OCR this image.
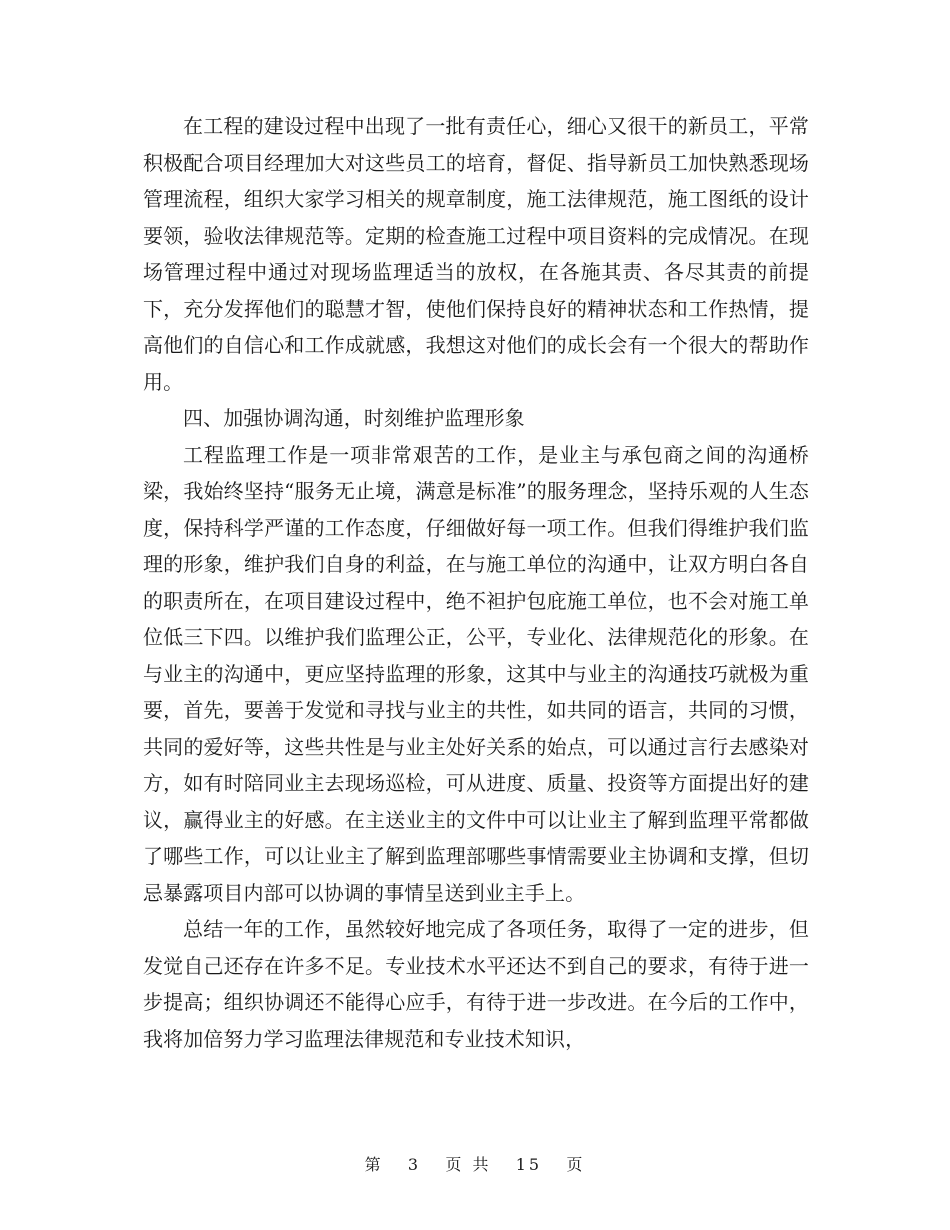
在工程的建设过程中出现了一批有责任心，细心又很干的新员工，平常积极配合项目经理加大对这些员工的培育，督促、指导新员工加快熟悉现场管理流程，组织大家学习相关的规章制度，施工法律规范，施工图纸的设计要领，验收法律规范等。定期的检查施工过程中项目资料的完成情况。在现场管理过程中通过对现场监理适当的放权，在各施其责、各尽其责的前提下，充分发挥他们的聪慧才智，使他们保持良好的精神状态和工作热情，提高他们的自信心和工作成就感，我想这对他们的成长会有一个很大的帮助作用。

四、加强协调沟通，时刻维护监理形象

工程监理工作是一项非常艰苦的工作，是业主与承包商之间的沟通桥梁，我始终坚持“服务无止境，满意是标准”的服务理念，坚持乐观的人生态度，保持科学严谨的工作态度，仔细做好每一项工作。但我们得维护我们监理的形象，维护我们自身的利益，在与施工单位的沟通中，让双方明白各自的职责所在，在项目建设过程中，绝不袒护包庇施工单位，也不会对施工单位低三下四。以维护我们监理公正，公平，专业化、法律规范化的形象。在与业主的沟通中，更应坚持监理的形象，这其中与业主的沟通技巧就极为重要，首先，要善于发觉和寻找与业主的共性，如共同的语言，共同的习惯，共同的爱好等，这些共性是与业主处好关系的始点，可以通过言行去感染对方，如有时陪同业主去现场巡检，可从进度、质量、投资等方面提出好的建议，赢得业主的好感。在主送业主的文件中可以让业主了解到监理平常都做了哪些工作，可以让业主了解到监理部哪些事情需要业主协调和支撑，但切忌暴露项目内部可以协调的事情呈送到业主手上。

总结一年的工作，虽然较好地完成了各项任务，取得了一定的进步，但发觉自己还存在许多不足。专业技术水平还达不到自己的要求，有待于进一步提高；组织协调还不能得心应手，有待于进一步改进。在今后的工作中，我将加倍努力学习监理法律规范和专业技术知识，

第 3 页 共 15 页
